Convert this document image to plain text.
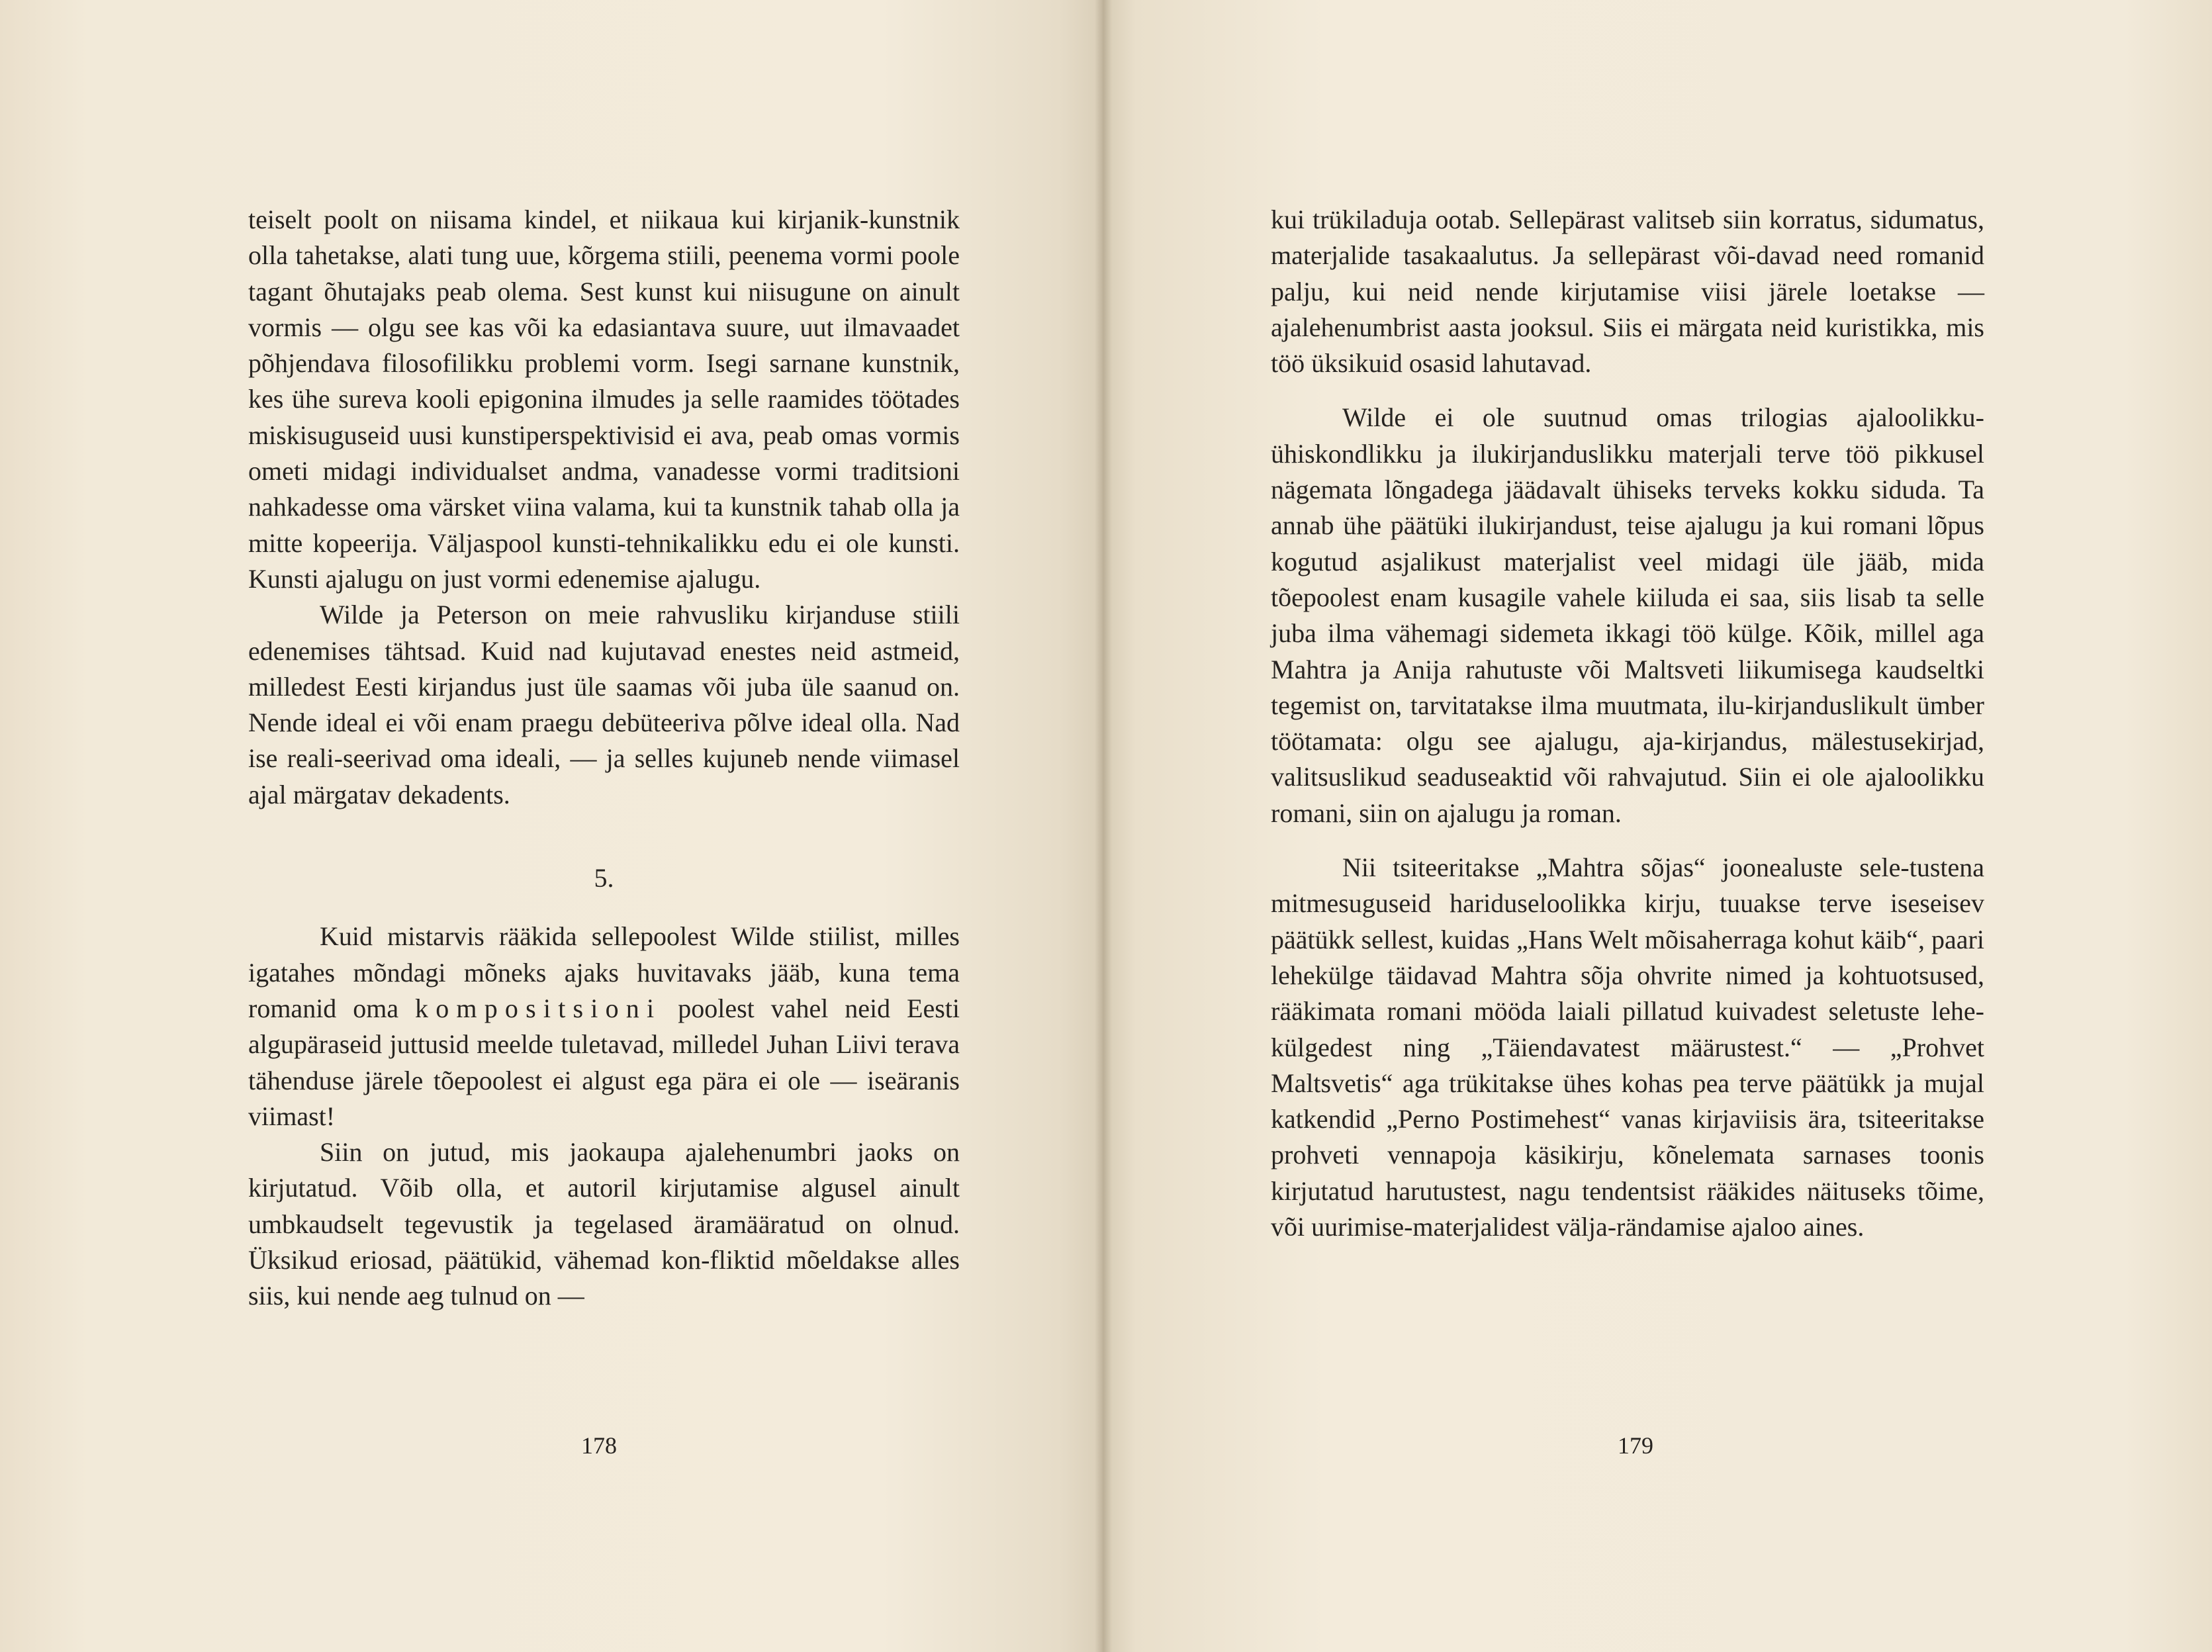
teiselt poolt on niisama kindel, et niikaua kui kirjanik-kunstnik olla tahetakse, alati tung uue, kõrgema stiili, peenema vormi poole tagant õhutajaks peab olema. Sest kunst kui niisugune on ainult vormis — olgu see kas või ka edasiantava suure, uut ilmavaadet põhjendava filosofilikku problemi vorm. Isegi sarnane kunstnik, kes ühe sureva kooli epigonina ilmudes ja selle raamides töötades miskisuguseid uusi kunstiperspektivisid ei ava, peab omas vormis ometi midagi individualset andma, vanadesse vormi traditsioni nahkadesse oma värsket viina valama, kui ta kunstnik tahab olla ja mitte kopeerija. Väljaspool kunsti-tehnikalikku edu ei ole kunsti. Kunsti ajalugu on just vormi edenemise ajalugu.

Wilde ja Peterson on meie rahvusliku kirjanduse stiili edenemises tähtsad. Kuid nad kujutavad enestes neid astmeid, milledest Eesti kirjandus just üle saamas või juba üle saanud on. Nende ideal ei või enam praegu debüteeriva põlve ideal olla. Nad ise reali-seerivad oma ideali, — ja selles kujuneb nende viimasel ajal märgatav dekadents.

5.

Kuid mistarvis rääkida sellepoolest Wilde stiilist, milles igatahes mõndagi mõneks ajaks huvitavaks jääb, kuna tema romanid oma kompositsioni poolest vahel neid Eesti algupäraseid juttusid meelde tuletavad, milledel Juhan Liivi terava tähenduse järele tõepoolest ei algust ega pära ei ole — iseäranis viimast!

Siin on jutud, mis jaokaupa ajalehenumbri jaoks on kirjutatud. Võib olla, et autoril kirjutamise algusel ainult umbkaudselt tegevustik ja tegelased äramääratud on olnud. Üksikud eriosad, päätükid, vähemad kon-fliktid mõeldakse alles siis, kui nende aeg tulnud on —

178

kui trükiladuja ootab. Sellepärast valitseb siin korratus, sidumatus, materjalide tasakaalutus. Ja sellepärast või-davad need romanid palju, kui neid nende kirjutamise viisi järele loetakse — ajalehenumbrist aasta jooksul. Siis ei märgata neid kuristikka, mis töö üksikuid osasid lahutavad.

Wilde ei ole suutnud omas trilogias ajaloolikku-ühiskondlikku ja ilukirjanduslikku materjali terve töö pikkusel nägemata lõngadega jäädavalt ühiseks terveks kokku siduda. Ta annab ühe päätüki ilukirjandust, teise ajalugu ja kui romani lõpus kogutud asjalikust materjalist veel midagi üle jääb, mida tõepoolest enam kusagile vahele kiiluda ei saa, siis lisab ta selle juba ilma vähemagi sidemeta ikkagi töö külge. Kõik, millel aga Mahtra ja Anija rahutuste või Maltsveti liikumisega kaudseltki tegemist on, tarvitatakse ilma muutmata, ilu-kirjanduslikult ümber töötamata: olgu see ajalugu, aja-kirjandus, mälestusekirjad, valitsuslikud seaduseaktid või rahvajutud. Siin ei ole ajaloolikku romani, siin on ajalugu ja roman.

Nii tsiteeritakse „Mahtra sõjas“ joonealuste sele-tustena mitmesuguseid hariduseloolikka kirju, tuuakse terve iseseisev päätükk sellest, kuidas „Hans Welt mõisaherraga kohut käib“, paari lehekülge täidavad Mahtra sõja ohvrite nimed ja kohtuotsused, rääkimata romani mööda laiali pillatud kuivadest seletuste lehe-külgedest ning „Täiendavatest määrustest.“ — „Prohvet Maltsvetis“ aga trükitakse ühes kohas pea terve päätükk ja mujal katkendid „Perno Postimehest“ vanas kirjaviisis ära, tsiteeritakse prohveti vennapoja käsikirju, kõnelemata sarnases toonis kirjutatud harutustest, nagu tendentsist rääkides näituseks tõime, või uurimise-materjalidest välja-rändamise ajaloo aines.

179
